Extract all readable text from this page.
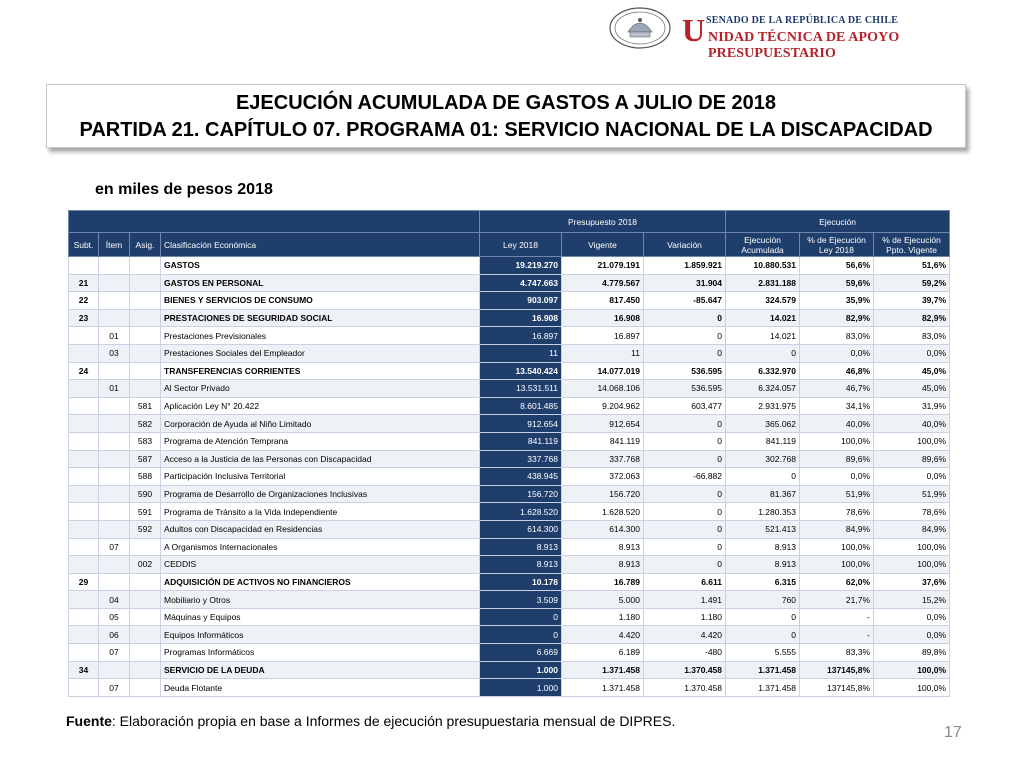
U SENADO DE LA REPÚBLICA DE CHILE
NIDAD TÉCNICA DE APOYO PRESUPUESTARIO
EJECUCIÓN ACUMULADA DE GASTOS A JULIO DE 2018
PARTIDA 21. CAPÍTULO 07. PROGRAMA 01: SERVICIO NACIONAL DE LA DISCAPACIDAD
en miles de pesos 2018
				Presupuesto 2018			Ejecución		
Subt.	Ítem	Asig.	Clasificación Económica	Ley 2018	Vigente	Variación	Ejecución Acumulada	% de Ejecución Ley 2018	% de Ejecución Ppto. Vigente
			GASTOS	19.219.270	21.079.191	1.859.921	10.880.531	56,6%	51,6%
21			GASTOS EN PERSONAL	4.747.663	4.779.567	31.904	2.831.188	59,6%	59,2%
22			BIENES Y SERVICIOS DE CONSUMO	903.097	817.450	-85.647	324.579	35,9%	39,7%
23			PRESTACIONES DE SEGURIDAD SOCIAL	16.908	16.908	0	14.021	82,9%	82,9%
	01		Prestaciones Previsionales	16.897	16.897	0	14.021	83,0%	83,0%
	03		Prestaciones Sociales del Empleador	11	11	0	0	0,0%	0,0%
24			TRANSFERENCIAS CORRIENTES	13.540.424	14.077.019	536.595	6.332.970	46,8%	45,0%
	01		Al Sector Privado	13.531.511	14.068.106	536.595	6.324.057	46,7%	45,0%
		581	Aplicación Ley N° 20.422	8.601.485	9.204.962	603.477	2.931.975	34,1%	31,9%
		582	Corporación de Ayuda al Niño Limitado	912.654	912.654	0	365.062	40,0%	40,0%
		583	Programa de Atención Temprana	841.119	841.119	0	841.119	100,0%	100,0%
		587	Acceso a la Justicia de las Personas con Discapacidad	337.768	337.768	0	302.768	89,6%	89,6%
		588	Participación Inclusiva Territorial	438.945	372.063	-66.882	0	0,0%	0,0%
		590	Programa de Desarrollo de Organizaciones Inclusivas	156.720	156.720	0	81.367	51,9%	51,9%
		591	Programa de Tránsito a la Vida Independiente	1.628.520	1.628.520	0	1.280.353	78,6%	78,6%
		592	Adultos con Discapacidad en Residencias	614.300	614.300	0	521.413	84,9%	84,9%
	07		A Organismos Internacionales	8.913	8.913	0	8.913	100,0%	100,0%
		002	CEDDIS	8.913	8.913	0	8.913	100,0%	100,0%
29			ADQUISICIÓN DE ACTIVOS NO FINANCIEROS	10.178	16.789	6.611	6.315	62,0%	37,6%
	04		Mobiliario y Otros	3.509	5.000	1.491	760	21,7%	15,2%
	05		Máquinas y Equipos	0	1.180	1.180	0	-	0,0%
	06		Equipos Informáticos	0	4.420	4.420	0	-	0,0%
	07		Programas Informáticos	6.669	6.189	-480	5.555	83,3%	89,8%
34			SERVICIO DE LA DEUDA	1.000	1.371.458	1.370.458	1.371.458	137145,8%	100,0%
	07		Deuda Flotante	1.000	1.371.458	1.370.458	1.371.458	137145,8%	100,0%
Fuente: Elaboración propia en base a Informes de ejecución presupuestaria mensual de DIPRES.
17
